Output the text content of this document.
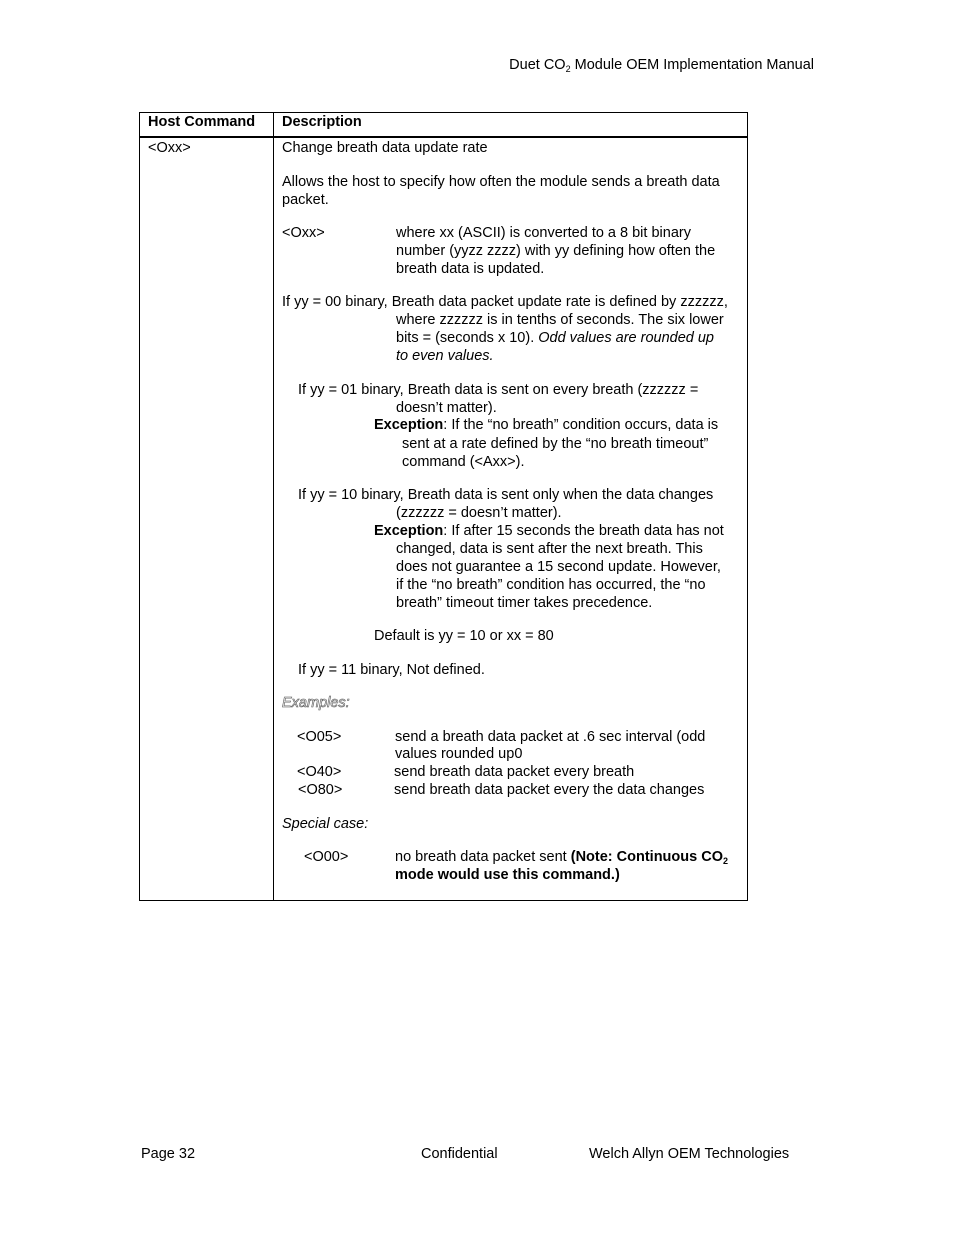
Duet $CO_2$ Module OEM Implementation Manual
Host Command Description
<Oxx>	Change breath data update rate
Allows the host to specify how often the module sends a breath data
packet.
<Oxx>	where xx (ASCII) is converted to a 8 bit binary
number (yyzz zzzz) with yy defining how often the
breath data is updated.
If yy = 00 binary, Breath data packet update rate is defined by zzzzzz,
where zzzzzz is in tenths of seconds. The six lower
bits = (seconds x 10). Odd values are rounded up
to even values.
If yy = 01 binary, Breath data is sent on every breath (zzzzzz =
doesn’t matter).
Exception: If the “no breath” condition occurs, data is
sent at a rate defined by the “no breath timeout”
command (<Axx>).
If yy = 10 binary, Breath data is sent only when the data changes
(zzzzzz = doesn’t matter).
Exception: If after 15 seconds the breath data has not
changed, data is sent after the next breath. This
does not guarantee a 15 second update. However,
if the “no breath” condition has occurred, the “no
breath” timeout timer takes precedence.
Default is yy = 10 or xx = 80
If yy = 11 binary, Not defined.
Examples:
<O05>	send a breath data packet at .6 sec interval (odd
values rounded up0
<O40>	send breath data packet every breath
<O80>	send breath data packet every the data changes
Special case:
<O00>	no breath data packet sent (Note: Continuous $CO_2$
mode would use this command.)
Page 32	Confidential	Welch Allyn OEM Technologies
